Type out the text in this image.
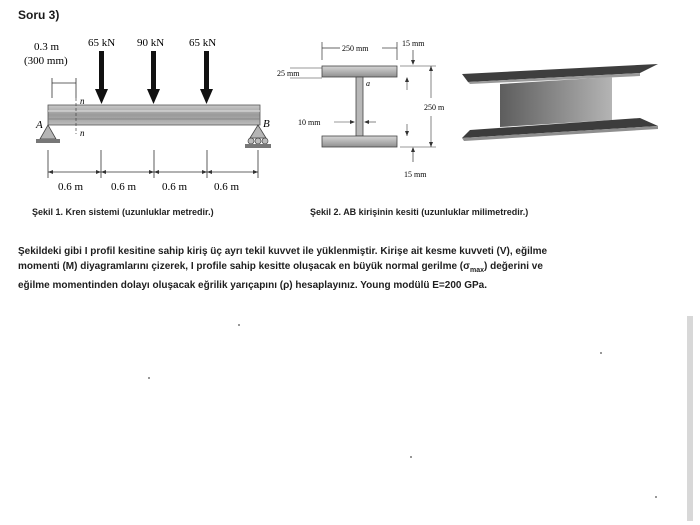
Soru 3)
0.3 m
(300 mm)
65 kN 90 kN 65 kN
n
n
A	B
0.6 m	0.6 m 0.6 m 0.6 m
250 mm
15 mm
25 mm
a
10 mm
250 m
15 mm
Şekil 1. Kren sistemi (uzunluklar metredir.)	Şekil 2. AB kirişinin kesiti (uzunluklar milimetredir.)
Şekildeki gibi I profil kesitine sahip kiriş üç ayrı tekil kuvvet ile yüklenmiştir. Kirişe ait kesme kuvveti (V), eğilme
momenti (M) diyagramlarını çizerek, I profile sahip kesitte oluşacak en büyük normal gerilme $(\sigma_{max})$ değerini ve
eğilme momentinden dolayı oluşacak eğrilik yarıçapını (ρ) hesaplayınız. Young modülü E=200 GPa.
